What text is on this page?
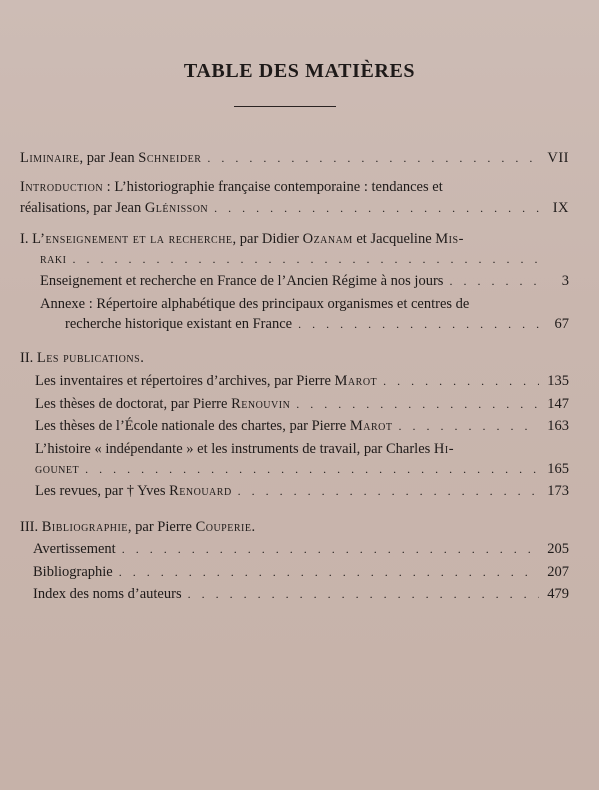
TABLE DES MATIÈRES
Liminaire, par Jean Schneider . . .	VII
Introduction : L’historiographie française contemporaine : tendances et
réalisations, par Jean Glénisson . . .	IX
I. L’enseignement et la recherche, par Didier Ozanam et Jacqueline Mis-
raki
. . .
Enseignement et recherche en France de l’Ancien Régime à nos jours . . .	3
Annexe : Répertoire alphabétique des principaux organismes et centres de
recherche historique existant en France . . .	67
II. Les publications.
Les inventaires et répertoires d’archives, par Pierre Marot . . .	135
Les thèses de doctorat, par Pierre Renouvin . . .	147
Les thèses de l’École nationale des chartes, par Pierre Marot . . .	163
L’histoire « indépendante » et les instruments de travail, par Charles Hi-
gounet . . .	165
Les revues, par † Yves Renouard . . .	173
III. Bibliographie, par Pierre Couperie.
Avertissement . . .	205
Bibliographie . . .	207
Index des noms d’auteurs . . .	479
